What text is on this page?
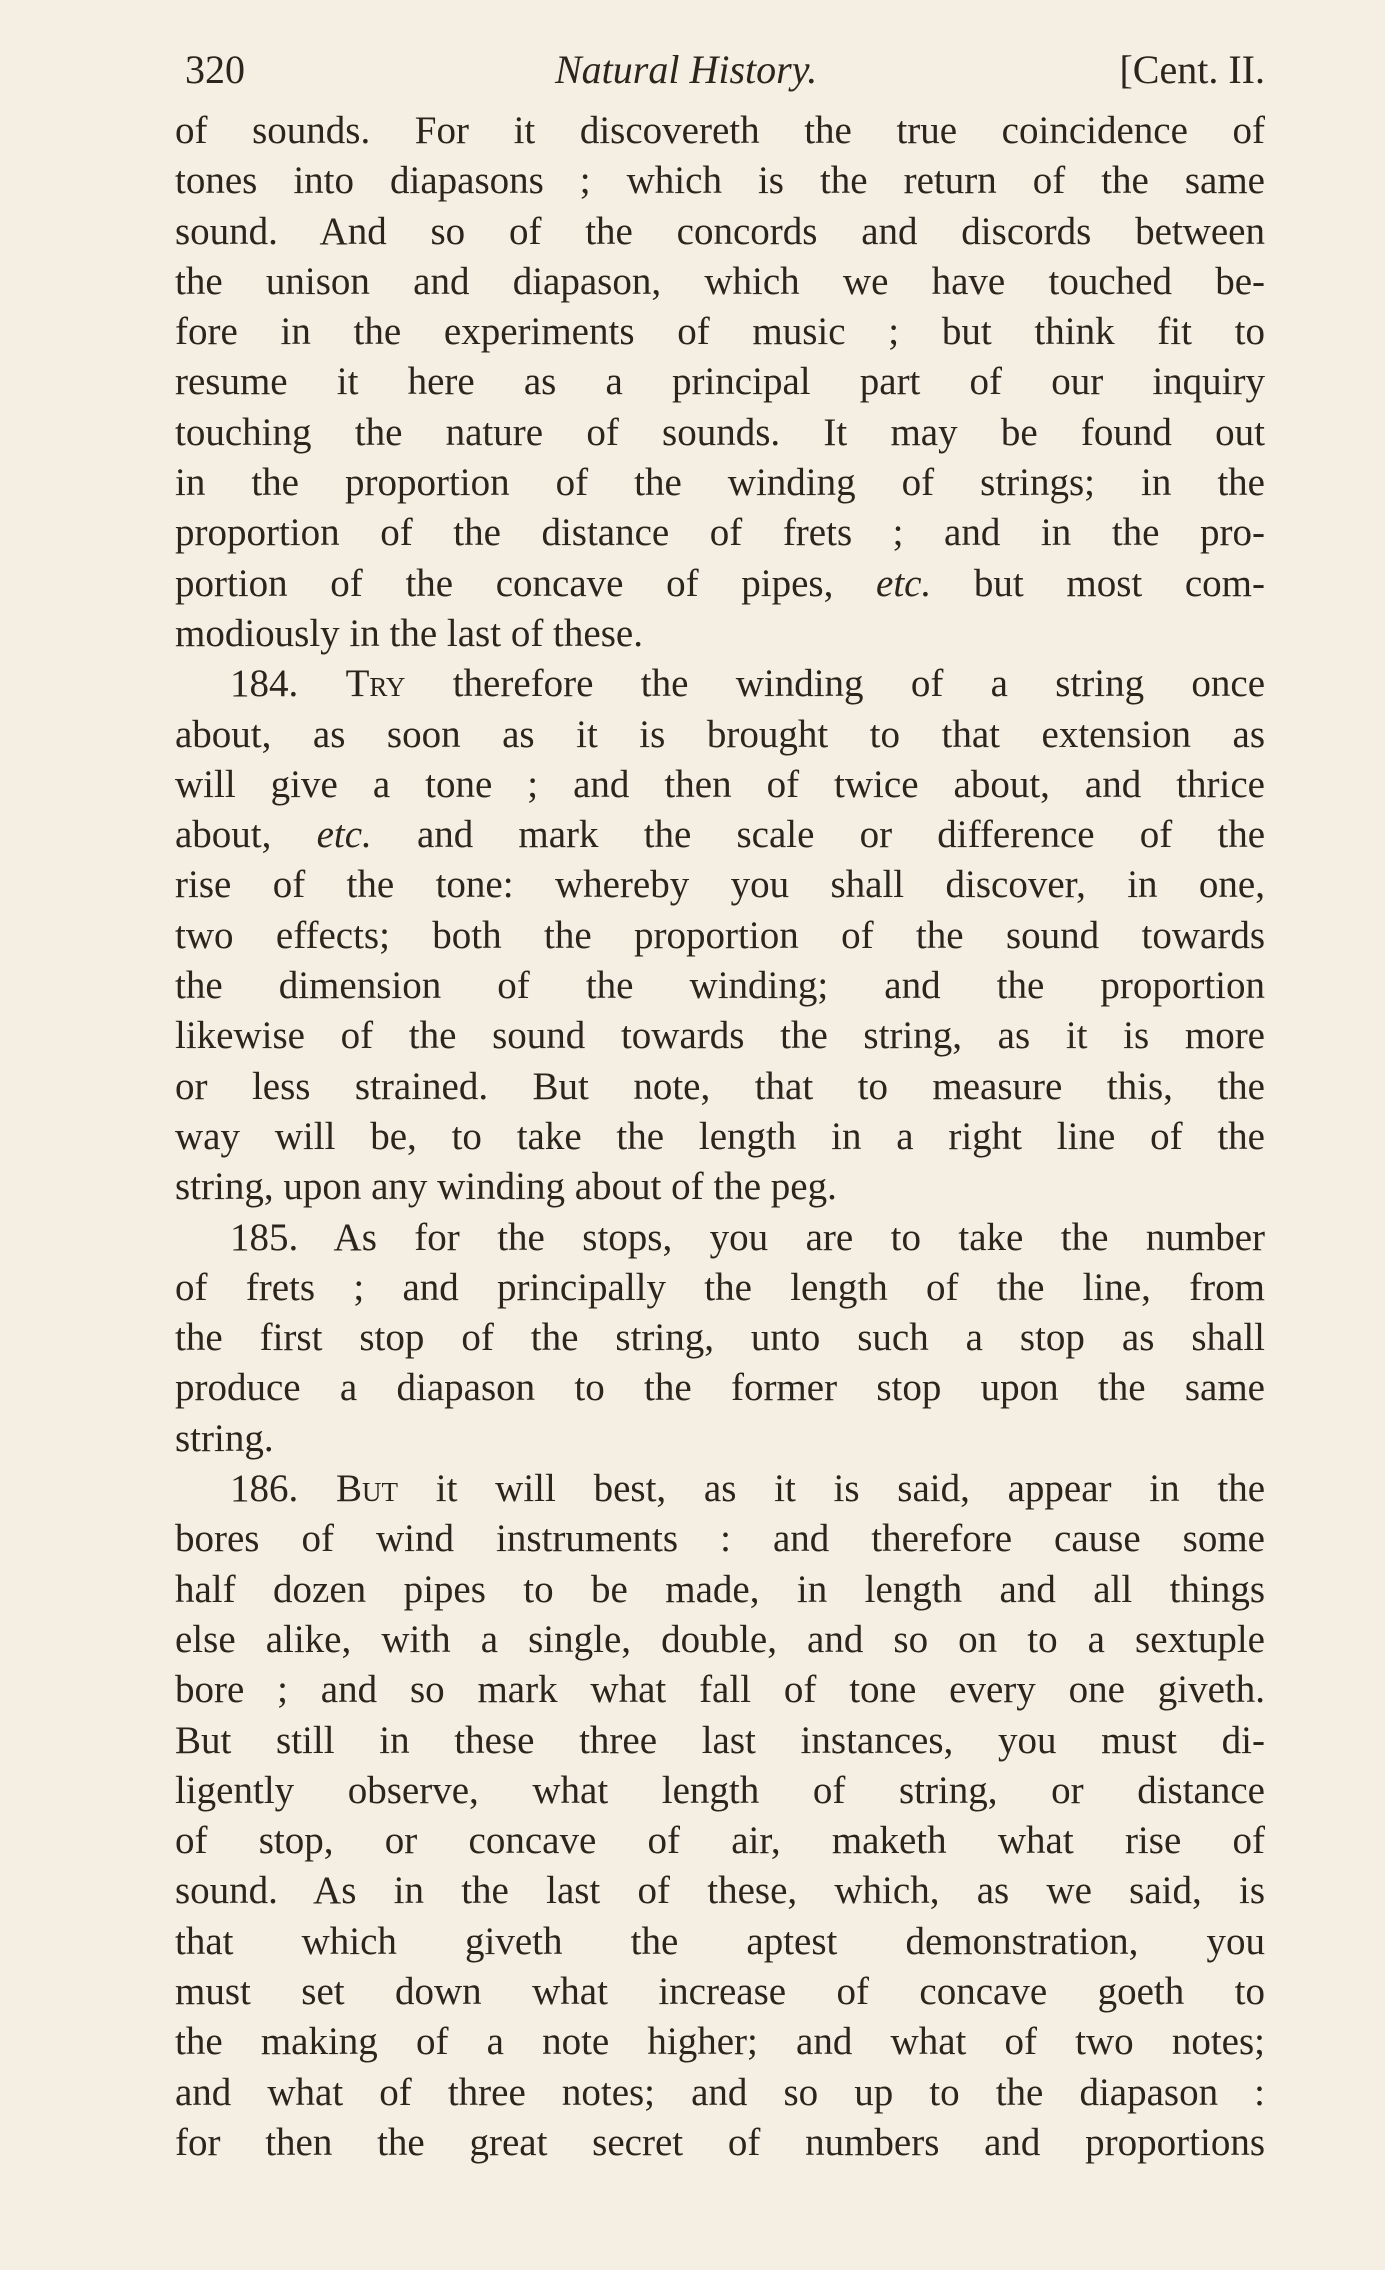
320	Natural History.	[Cent. II.
of sounds. For it discovereth the true coincidence of
tones into diapasons ; which is the return of the same
sound. And so of the concords and discords between
the unison and diapason, which we have touched be-
fore in the experiments of music ; but think fit to
resume it here as a principal part of our inquiry
touching the nature of sounds. It may be found out
in the proportion of the winding of strings; in the
proportion of the distance of frets ; and in the pro-
portion of the concave of pipes, etc. but most com-
modiously in the last of these.
184. Try therefore the winding of a string once
about, as soon as it is brought to that extension as
will give a tone ; and then of twice about, and thrice
about, etc. and mark the scale or difference of the
rise of the tone: whereby you shall discover, in one,
two effects; both the proportion of the sound towards
the dimension of the winding; and the proportion
likewise of the sound towards the string, as it is more
or less strained. But note, that to measure this, the
way will be, to take the length in a right line of the
string, upon any winding about of the peg.
185. As for the stops, you are to take the number
of frets ; and principally the length of the line, from
the first stop of the string, unto such a stop as shall
produce a diapason to the former stop upon the same
string.
186. But it will best, as it is said, appear in the
bores of wind instruments : and therefore cause some
half dozen pipes to be made, in length and all things
else alike, with a single, double, and so on to a sextuple
bore ; and so mark what fall of tone every one giveth.
But still in these three last instances, you must di-
ligently observe, what length of string, or distance
of stop, or concave of air, maketh what rise of
sound. As in the last of these, which, as we said, is
that which giveth the aptest demonstration, you
must set down what increase of concave goeth to
the making of a note higher; and what of two notes;
and what of three notes; and so up to the diapason :
for then the great secret of numbers and proportions
